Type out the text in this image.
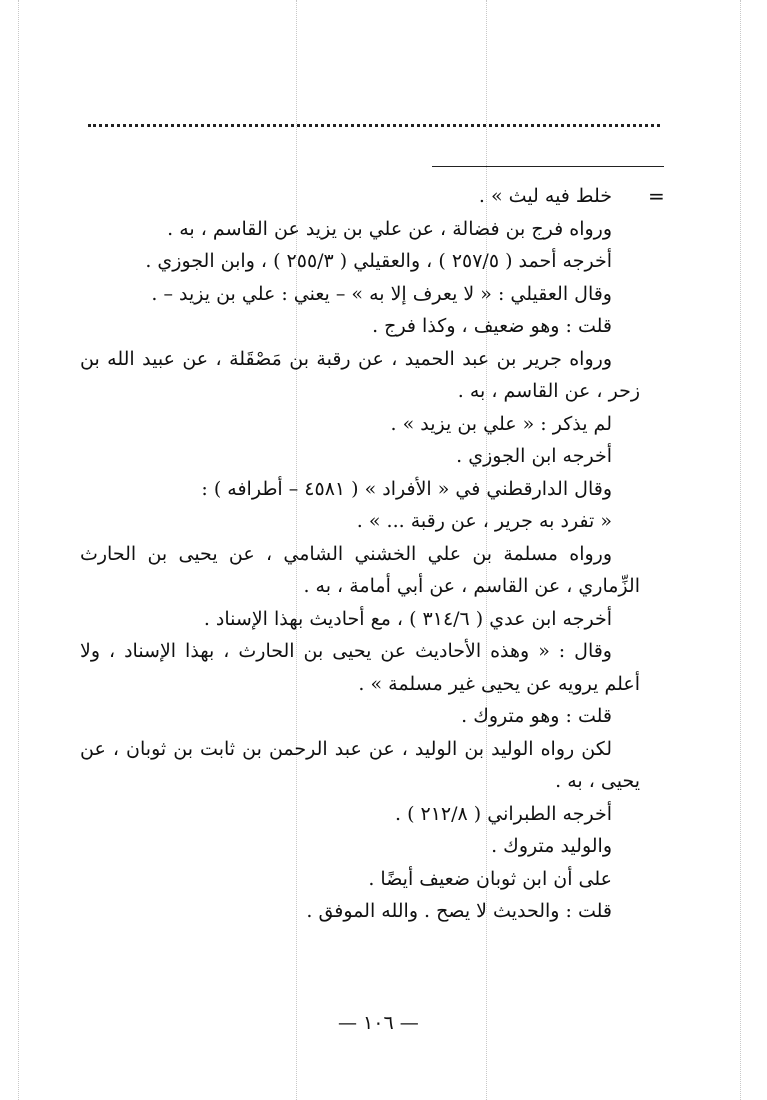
=
خلط فيه ليث » .
ورواه فرج بن فضالة ، عن علي بن يزيد عن القاسم ، به .
أخرجه أحمد ( ٢٥٧/٥ ) ، والعقيلي ( ٢٥٥/٣ ) ، وابن الجوزي .
وقال العقيلي : « لا يعرف إلا به » – يعني : علي بن يزيد – .
قلت : وهو ضعيف ، وكذا فرج .
ورواه جرير بن عبد الحميد ، عن رقبة بن مَصْقَلة ، عن عبيد الله بن
زحر ، عن القاسم ، به .
لم يذكر : « علي بن يزيد » .
أخرجه ابن الجوزي .
وقال الدارقطني في « الأفراد » ( ٤٥٨١ – أطرافه ) :
« تفرد به جرير ، عن رقبة ... » .
ورواه مسلمة بن علي الخشني الشامي ، عن يحيى بن الحارث
الزِّماري ، عن القاسم ، عن أبي أمامة ، به .
أخرجه ابن عدي ( ٣١٤/٦ ) ، مع أحاديث بهذا الإسناد .
وقال : « وهذه الأحاديث عن يحيى بن الحارث ، بهذا الإسناد ، ولا
أعلم يرويه عن يحيى غير مسلمة » .
قلت : وهو متروك .
لكن رواه الوليد بن الوليد ، عن عبد الرحمن بن ثابت بن ثوبان ، عن
يحيى ، به .
أخرجه الطبراني ( ٢١٢/٨ ) .
والوليد متروك .
على أن ابن ثوبان ضعيف أيضًا .
قلت : والحديث لا يصح . والله الموفق .
— ١٠٦ —
